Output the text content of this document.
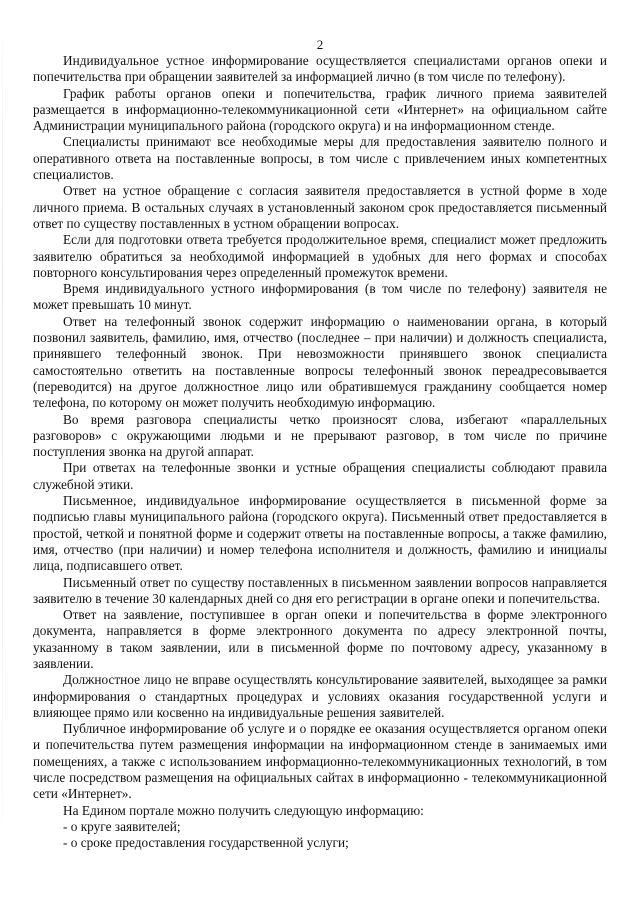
2

Индивидуальное устное информирование осуществляется специалистами органов опеки и попечительства при обращении заявителей за информацией лично (в том числе по телефону).

График работы органов опеки и попечительства, график личного приема заявителей размещается в информационно-телекоммуникационной сети «Интернет» на официальном сайте Администрации муниципального района (городского округа) и на информационном стенде.

Специалисты принимают все необходимые меры для предоставления заявителю полного и оперативного ответа на поставленные вопросы, в том числе с привлечением иных компетентных специалистов.

Ответ на устное обращение с согласия заявителя предоставляется в устной форме в ходе личного приема. В остальных случаях в установленный законом срок предоставляется письменный ответ по существу поставленных в устном обращении вопросах.

Если для подготовки ответа требуется продолжительное время, специалист может предложить заявителю обратиться за необходимой информацией в удобных для него формах и способах повторного консультирования через определенный промежуток времени.

Время индивидуального устного информирования (в том числе по телефону) заявителя не может превышать 10 минут.

Ответ на телефонный звонок содержит информацию о наименовании органа, в который позвонил заявитель, фамилию, имя, отчество (последнее – при наличии) и должность специалиста, принявшего телефонный звонок. При невозможности принявшего звонок специалиста самостоятельно ответить на поставленные вопросы телефонный звонок переадресовывается (переводится) на другое должностное лицо или обратившемуся гражданину сообщается номер телефона, по которому он может получить необходимую информацию.

Во время разговора специалисты четко произносят слова, избегают «параллельных разговоров» с окружающими людьми и не прерывают разговор, в том числе по причине поступления звонка на другой аппарат.

При ответах на телефонные звонки и устные обращения специалисты соблюдают правила служебной этики.

Письменное, индивидуальное информирование осуществляется в письменной форме за подписью главы муниципального района (городского округа). Письменный ответ предоставляется в простой, четкой и понятной форме и содержит ответы на поставленные вопросы, а также фамилию, имя, отчество (при наличии) и номер телефона исполнителя и должность, фамилию и инициалы лица, подписавшего ответ.

Письменный ответ по существу поставленных в письменном заявлении вопросов направляется заявителю в течение 30 календарных дней со дня его регистрации в органе опеки и попечительства.

Ответ на заявление, поступившее в орган опеки и попечительства в форме электронного документа, направляется в форме электронного документа по адресу электронной почты, указанному в таком заявлении, или в письменной форме по почтовому адресу, указанному в заявлении.

Должностное лицо не вправе осуществлять консультирование заявителей, выходящее за рамки информирования о стандартных процедурах и условиях оказания государственной услуги и влияющее прямо или косвенно на индивидуальные решения заявителей.

Публичное информирование об услуге и о порядке ее оказания осуществляется органом опеки и попечительства путем размещения информации на информационном стенде в занимаемых ими помещениях, а также с использованием информационно-телекоммуникационных технологий, в том числе посредством размещения на официальных сайтах в информационно - телекоммуникационной сети «Интернет».

На Едином портале можно получить следующую информацию:

- о круге заявителей;

- о сроке предоставления государственной услуги;
